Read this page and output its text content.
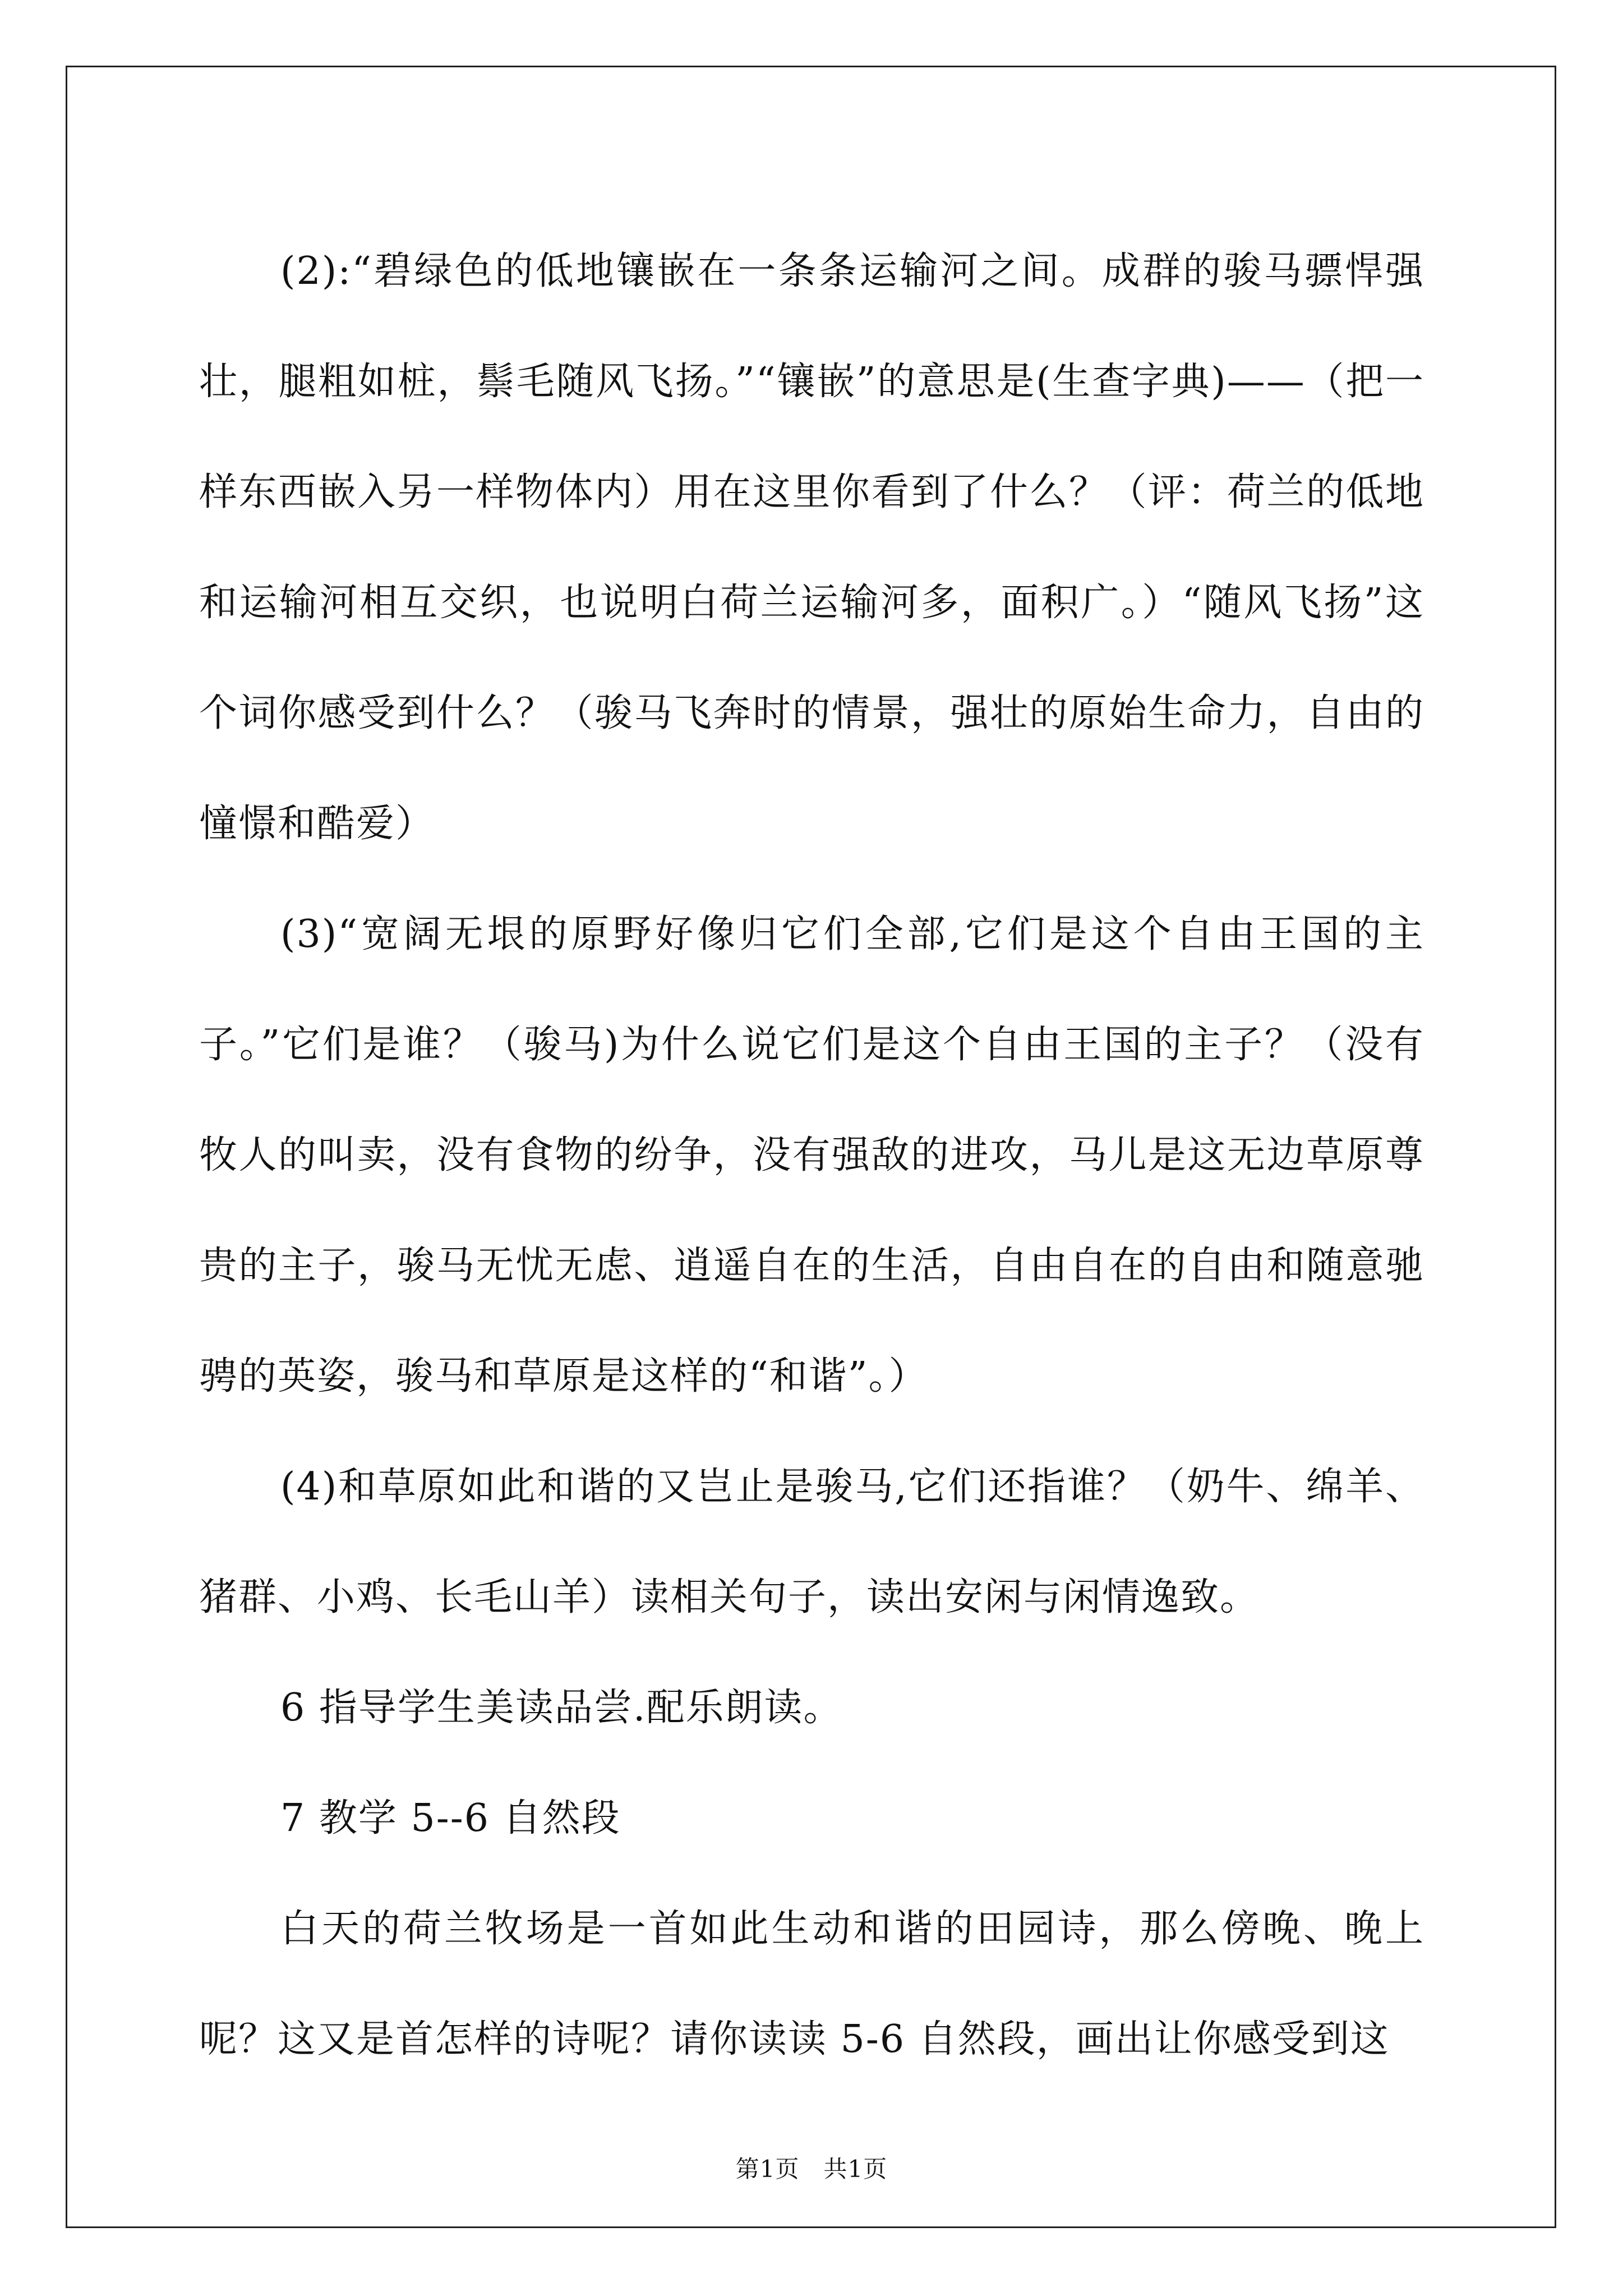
(2):“碧绿色的低地镶嵌在一条条运输河之间。成群的骏马骠悍强壮，腿粗如桩，鬃毛随风飞扬。”“镶嵌”的意思是(生查字典)——（把一样东西嵌入另一样物体内）用在这里你看到了什么？（评：荷兰的低地和运输河相互交织，也说明白荷兰运输河多，面积广。）“随风飞扬”这个词你感受到什么？（骏马飞奔时的情景，强壮的原始生命力，自由的憧憬和酷爱）

(3)“宽阔无垠的原野好像归它们全部,它们是这个自由王国的主子。”它们是谁？（骏马)为什么说它们是这个自由王国的主子？（没有牧人的叫卖，没有食物的纷争，没有强敌的进攻，马儿是这无边草原尊贵的主子，骏马无忧无虑、逍遥自在的生活，自由自在的自由和随意驰骋的英姿，骏马和草原是这样的“和谐”。）

(4)和草原如此和谐的又岂止是骏马,它们还指谁？（奶牛、绵羊、猪群、小鸡、长毛山羊）读相关句子，读出安闲与闲情逸致。

6 指导学生美读品尝.配乐朗读。

7 教学 5--6 自然段

白天的荷兰牧场是一首如此生动和谐的田园诗，那么傍晚、晚上呢？这又是首怎样的诗呢？请你读读 5-6 自然段，画出让你感受到这

第1页　共1页
